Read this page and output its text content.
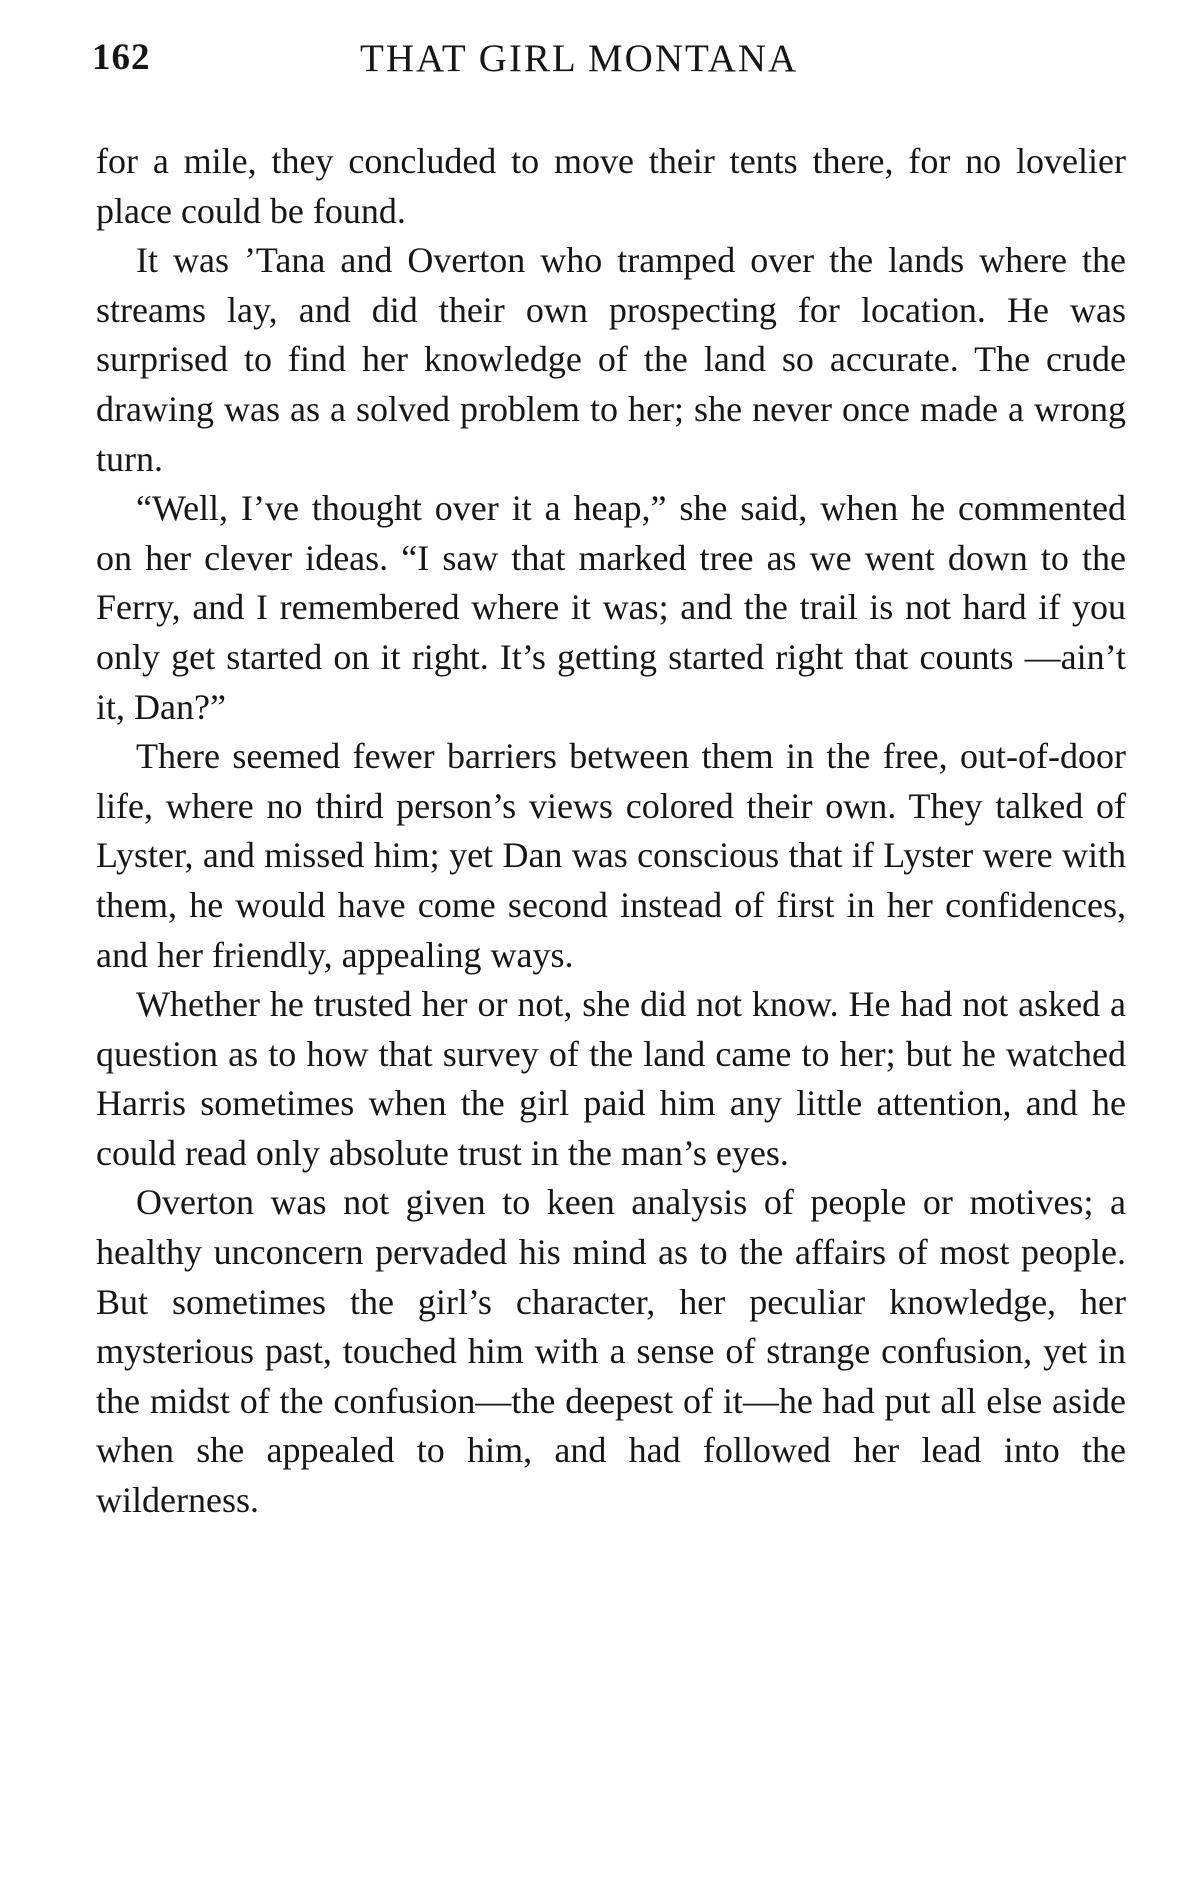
162	THAT GIRL MONTANA

for a mile, they concluded to move their tents there, for no lovelier place could be found.

It was ’Tana and Overton who tramped over the lands where the streams lay, and did their own prospecting for location. He was surprised to find her knowledge of the land so accurate. The crude drawing was as a solved problem to her; she never once made a wrong turn.

“Well, I’ve thought over it a heap,” she said, when he commented on her clever ideas. “I saw that marked tree as we went down to the Ferry, and I remembered where it was; and the trail is not hard if you only get started on it right. It’s getting started right that counts —ain’t it, Dan?”

There seemed fewer barriers between them in the free, out-of-door life, where no third person’s views colored their own. They talked of Lyster, and missed him; yet Dan was conscious that if Lyster were with them, he would have come second instead of first in her confidences, and her friendly, appealing ways.

Whether he trusted her or not, she did not know. He had not asked a question as to how that survey of the land came to her; but he watched Harris sometimes when the girl paid him any little attention, and he could read only absolute trust in the man’s eyes.

Overton was not given to keen analysis of people or motives; a healthy unconcern pervaded his mind as to the affairs of most people. But sometimes the girl’s character, her peculiar knowledge, her mysterious past, touched him with a sense of strange confusion, yet in the midst of the confusion—the deepest of it—he had put all else aside when she appealed to him, and had followed her lead into the wilderness.
